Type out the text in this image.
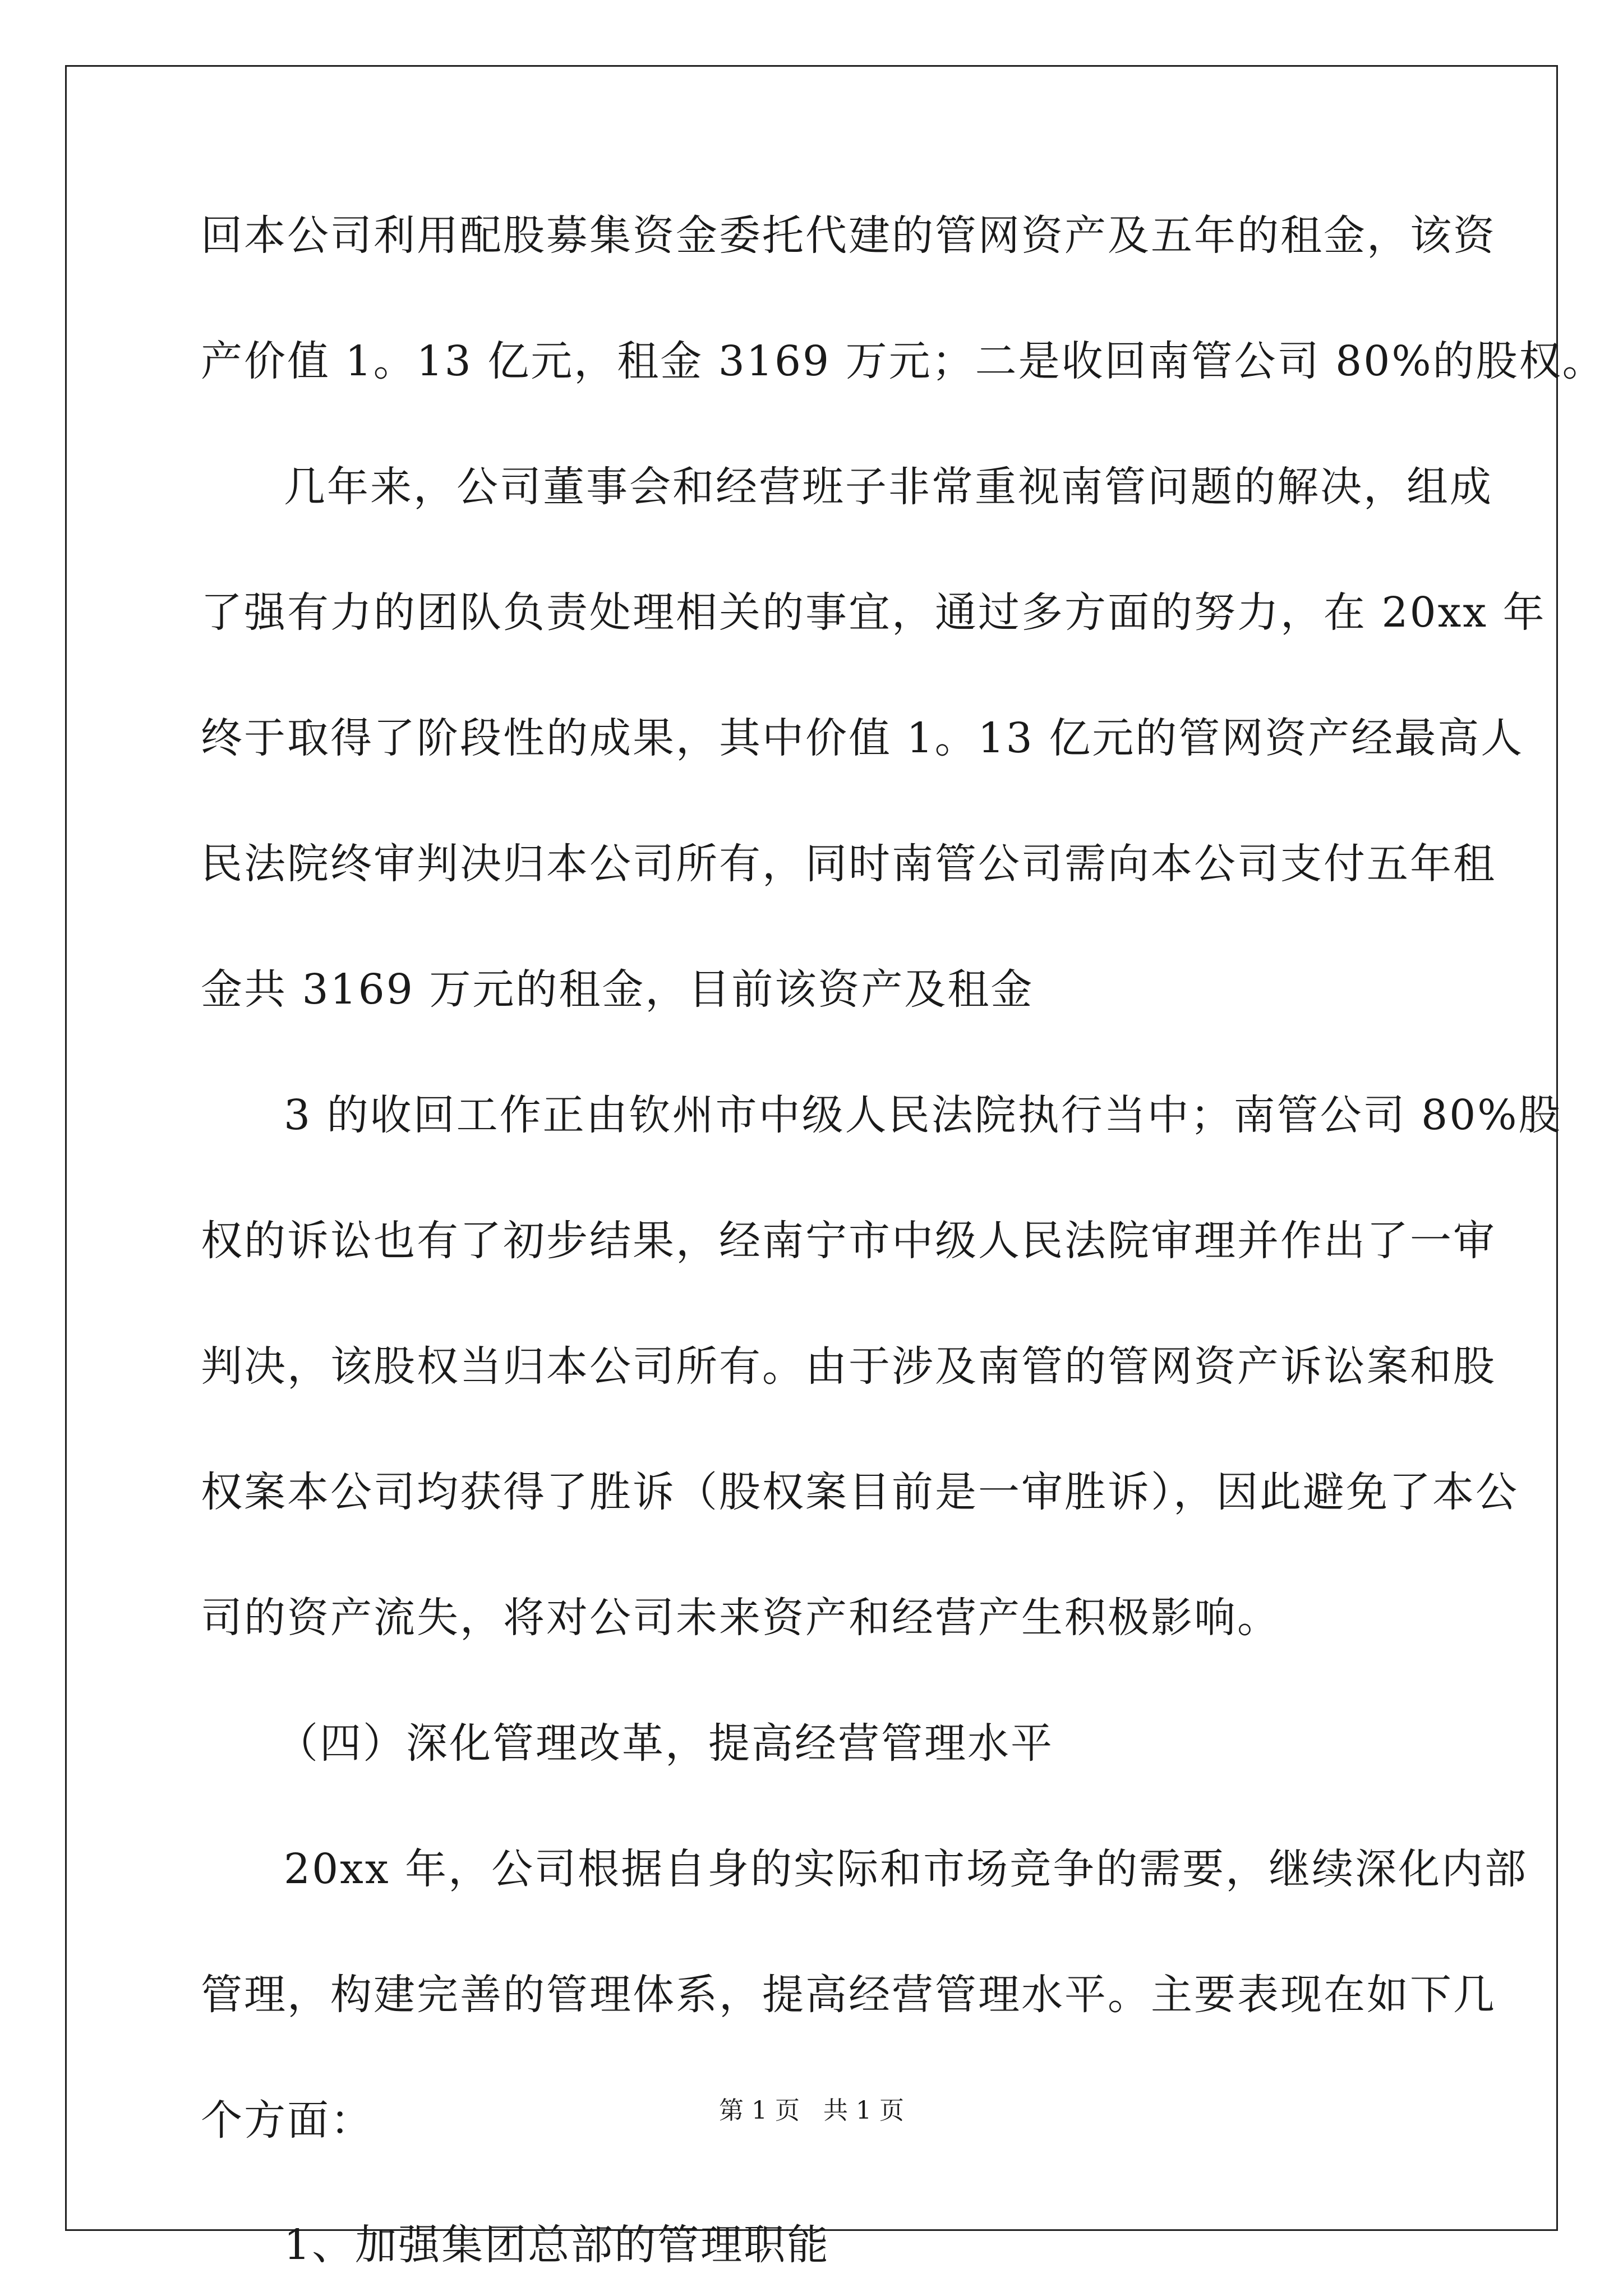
回本公司利用配股募集资金委托代建的管网资产及五年的租金，该资
产价值 1。13 亿元，租金 3169 万元；二是收回南管公司 80%的股权。
几年来，公司董事会和经营班子非常重视南管问题的解决，组成
了强有力的团队负责处理相关的事宜，通过多方面的努力，在 20xx 年
终于取得了阶段性的成果，其中价值 1。13 亿元的管网资产经最高人
民法院终审判决归本公司所有，同时南管公司需向本公司支付五年租
金共 3169 万元的租金，目前该资产及租金
3 的收回工作正由钦州市中级人民法院执行当中；南管公司 80%股
权的诉讼也有了初步结果，经南宁市中级人民法院审理并作出了一审
判决，该股权当归本公司所有。由于涉及南管的管网资产诉讼案和股
权案本公司均获得了胜诉（股权案目前是一审胜诉），因此避免了本公
司的资产流失，将对公司未来资产和经营产生积极影响。
（四）深化管理改革，提高经营管理水平
20xx 年，公司根据自身的实际和市场竞争的需要，继续深化内部
管理，构建完善的管理体系，提高经营管理水平。主要表现在如下几
个方面：
1、加强集团总部的管理职能
第 1 页   共 1 页
